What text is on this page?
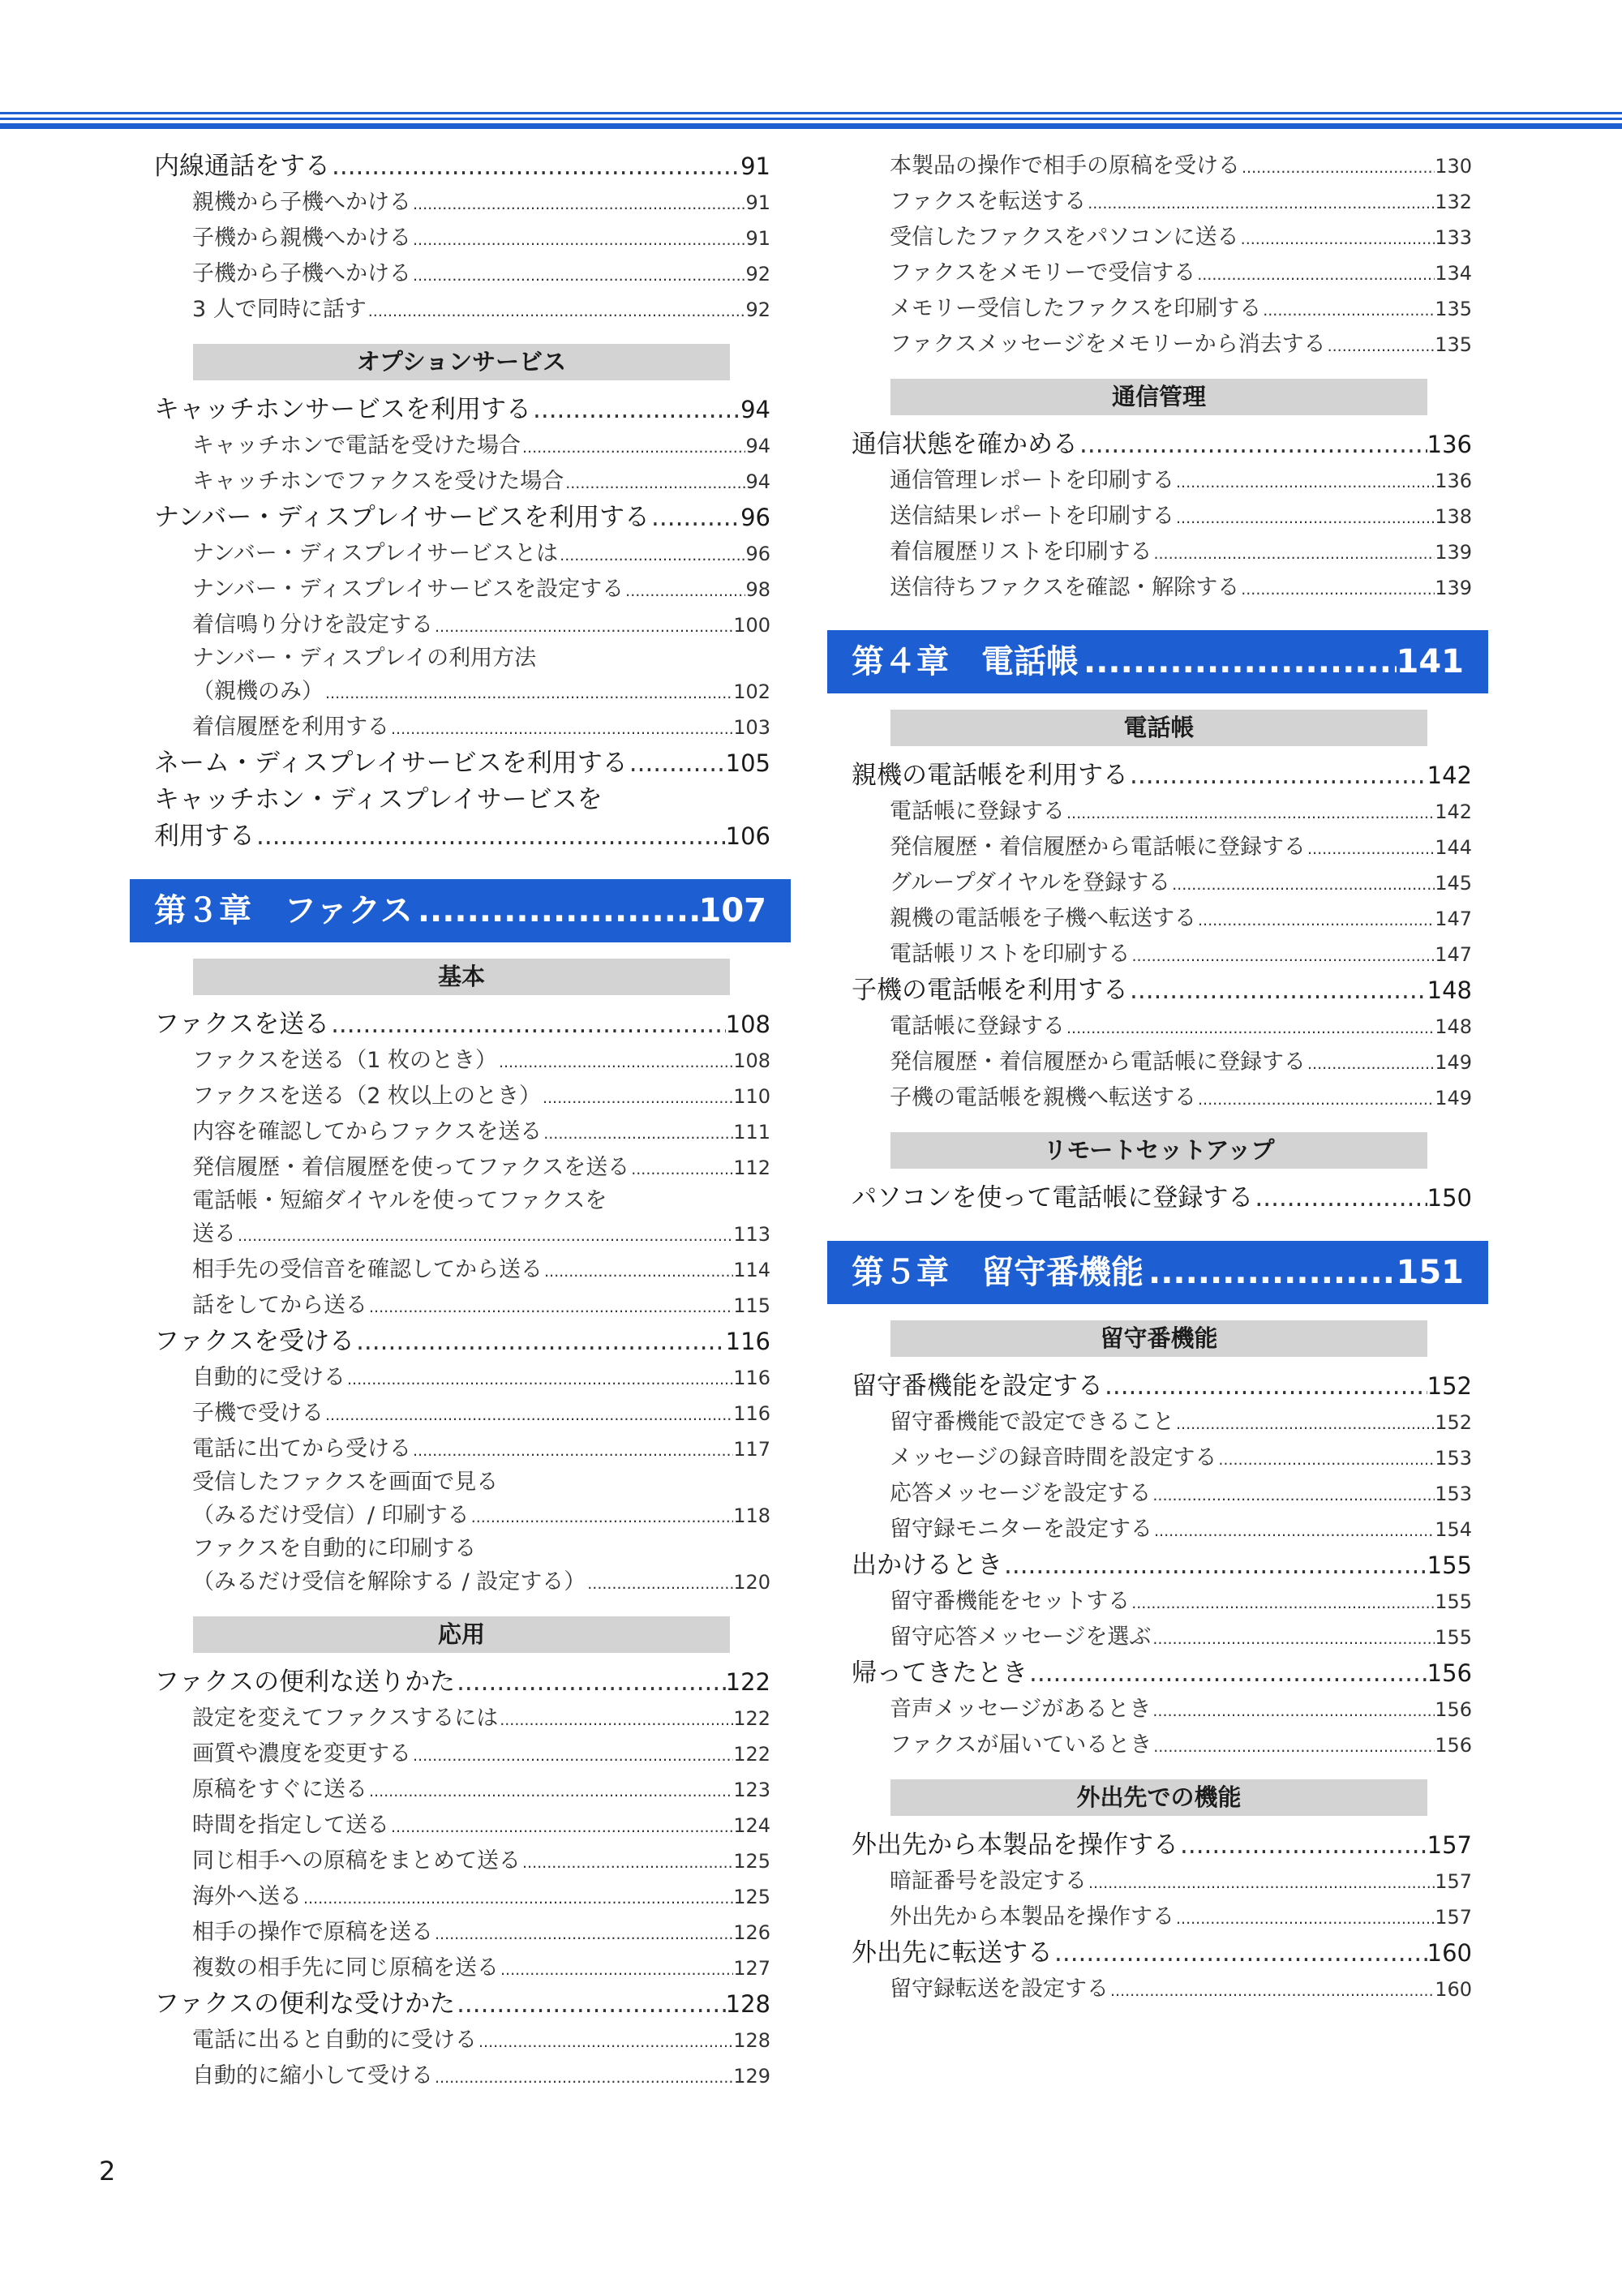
内線通話をする .....	91
親機から子機へかける .....	91
子機から親機へかける .....	91
子機から子機へかける .....	92
3 人で同時に話す .....	92
オプションサービス
キャッチホンサービスを利用する .....	94
キャッチホンで電話を受けた場合 .....	94
キャッチホンでファクスを受けた場合 .....	94
ナンバー・ディスプレイサービスを利用する .....	96
ナンバー・ディスプレイサービスとは .....	96
ナンバー・ディスプレイサービスを設定する .....	98
着信鳴り分けを設定する .....	100
ナンバー・ディスプレイの利用方法
（親機のみ） .....	102
着信履歴を利用する .....	103
ネーム・ディスプレイサービスを利用する .....	105
キャッチホン・ディスプレイサービスを
利用する .....	106
第３章　ファクス .....	107
基本
ファクスを送る .....	108
ファクスを送る（1 枚のとき） .....	108
ファクスを送る（2 枚以上のとき） .....	110
内容を確認してからファクスを送る .....	111
発信履歴・着信履歴を使ってファクスを送る .....	112
電話帳・短縮ダイヤルを使ってファクスを
送る .....	113
相手先の受信音を確認してから送る .....	114
話をしてから送る .....	115
ファクスを受ける .....	116
自動的に受ける .....	116
子機で受ける .....	116
電話に出てから受ける .....	117
受信したファクスを画面で見る
（みるだけ受信）/ 印刷する .....	118
ファクスを自動的に印刷する
（みるだけ受信を解除する / 設定する） .....	120
応用
ファクスの便利な送りかた .....	122
設定を変えてファクスするには .....	122
画質や濃度を変更する .....	122
原稿をすぐに送る .....	123
時間を指定して送る .....	124
同じ相手への原稿をまとめて送る .....	125
海外へ送る .....	125
相手の操作で原稿を送る .....	126
複数の相手先に同じ原稿を送る .....	127
ファクスの便利な受けかた .....	128
電話に出ると自動的に受ける .....	128
自動的に縮小して受ける .....	129
本製品の操作で相手の原稿を受ける .....	130
ファクスを転送する .....	132
受信したファクスをパソコンに送る .....	133
ファクスをメモリーで受信する .....	134
メモリー受信したファクスを印刷する .....	135
ファクスメッセージをメモリーから消去する .....	135
通信管理
通信状態を確かめる .....	136
通信管理レポートを印刷する .....	136
送信結果レポートを印刷する .....	138
着信履歴リストを印刷する .....	139
送信待ちファクスを確認・解除する .....	139
第４章　電話帳 .....	141
電話帳
親機の電話帳を利用する .....	142
電話帳に登録する .....	142
発信履歴・着信履歴から電話帳に登録する .....	144
グループダイヤルを登録する .....	145
親機の電話帳を子機へ転送する .....	147
電話帳リストを印刷する .....	147
子機の電話帳を利用する .....	148
電話帳に登録する .....	148
発信履歴・着信履歴から電話帳に登録する .....	149
子機の電話帳を親機へ転送する .....	149
リモートセットアップ
パソコンを使って電話帳に登録する .....	150
第５章　留守番機能 .....	151
留守番機能
留守番機能を設定する .....	152
留守番機能で設定できること .....	152
メッセージの録音時間を設定する .....	153
応答メッセージを設定する .....	153
留守録モニターを設定する .....	154
出かけるとき .....	155
留守番機能をセットする .....	155
留守応答メッセージを選ぶ .....	155
帰ってきたとき .....	156
音声メッセージがあるとき .....	156
ファクスが届いているとき .....	156
外出先での機能
外出先から本製品を操作する .....	157
暗証番号を設定する .....	157
外出先から本製品を操作する .....	157
外出先に転送する .....	160
留守録転送を設定する .....	160
2
